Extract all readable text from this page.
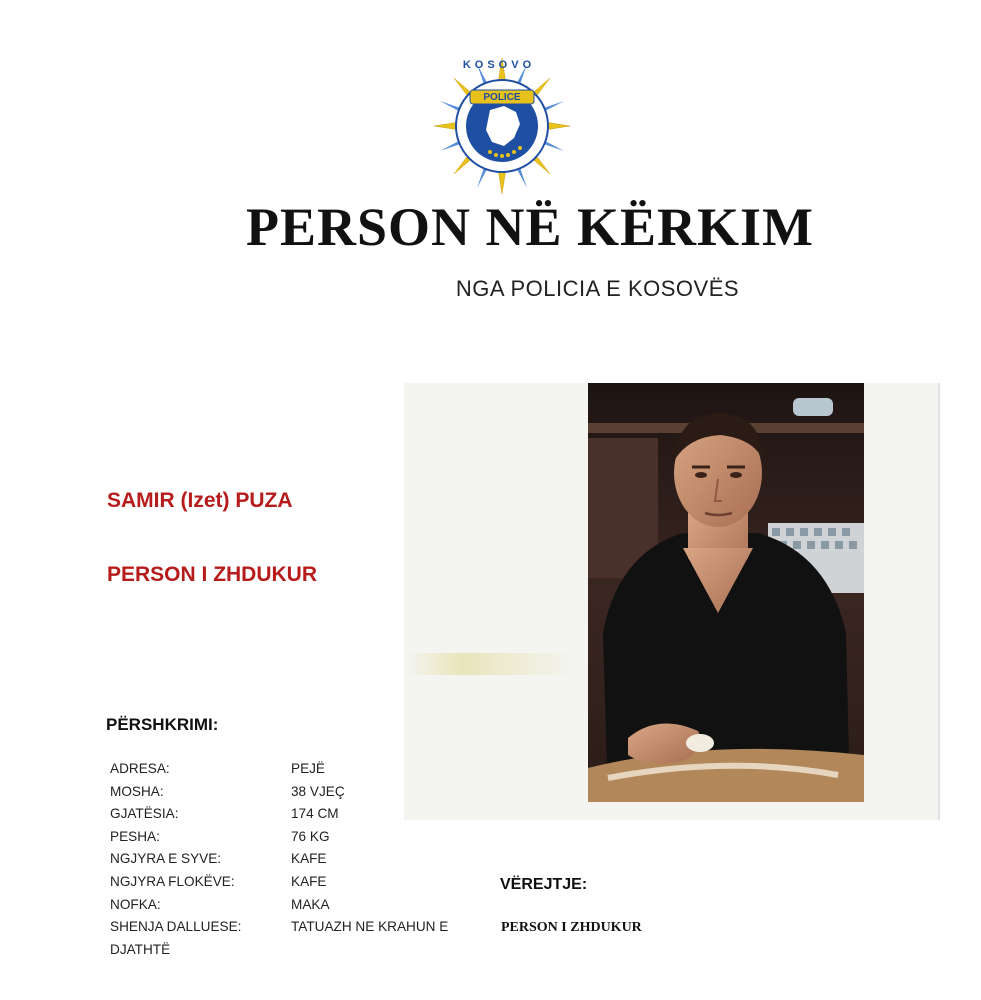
KOSOVO
POLICE
PERSON NË KËRKIM
NGA POLICIA E KOSOVËS
SAMIR (Izet) PUZA
PERSON I ZHDUKUR
PËRSHKRIMI:
ADRESA:	PEJË
MOSHA:	38 VJEÇ
GJATËSIA:	174 CM
PESHA:	76 KG
NGJYRA E SYVE:	KAFE
NGJYRA FLOKËVE:	KAFE
NOFKA:	MAKA
SHENJA DALLUESE:	TATUAZH NE KRAHUN E
DJATHTË
VËREJTJE:
PERSON I ZHDUKUR
